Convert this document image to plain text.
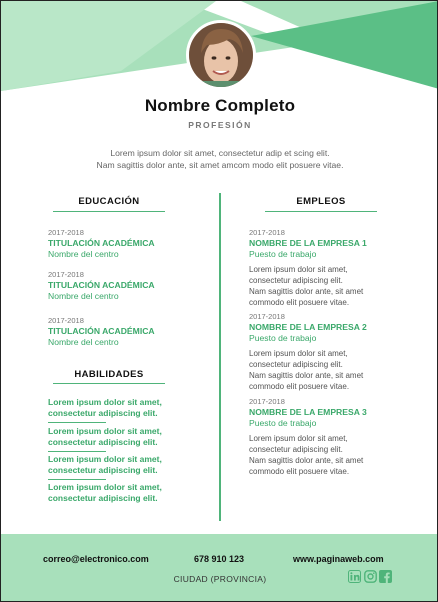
Nombre Completo
PROFESIÓN
Lorem ipsum dolor sit amet, consectetur adip et scing elit.
Nam sagittis dolor ante, sit amet amcom modo elit posuere vitae.
EDUCACIÓN
2017-2018
TITULACIÓN ACADÉMICA
Nombre del centro
2017-2018
TITULACIÓN ACADÉMICA
Nombre del centro
2017-2018
TITULACIÓN ACADÉMICA
Nombre del centro
HABILIDADES
Lorem ipsum dolor sit amet,
consectetur adipiscing elit.
Lorem ipsum dolor sit amet,
consectetur adipiscing elit.
Lorem ipsum dolor sit amet,
consectetur adipiscing elit.
Lorem ipsum dolor sit amet,
consectetur adipiscing elit.
EMPLEOS
2017-2018
NOMBRE DE LA EMPRESA 1
Puesto de trabajo
Lorem ipsum dolor sit amet,
consectetur adipiscing elit.
Nam sagittis dolor ante, sit amet
commodo elit posuere vitae.
2017-2018
NOMBRE DE LA EMPRESA 2
Puesto de trabajo
Lorem ipsum dolor sit amet,
consectetur adipiscing elit.
Nam sagittis dolor ante, sit amet
commodo elit posuere vitae.
2017-2018
NOMBRE DE LA EMPRESA 3
Puesto de trabajo
Lorem ipsum dolor sit amet,
consectetur adipiscing elit.
Nam sagittis dolor ante, sit amet
commodo elit posuere vitae.
correo@electronico.com	678 910 123	www.paginaweb.com
CIUDAD (PROVINCIA)
